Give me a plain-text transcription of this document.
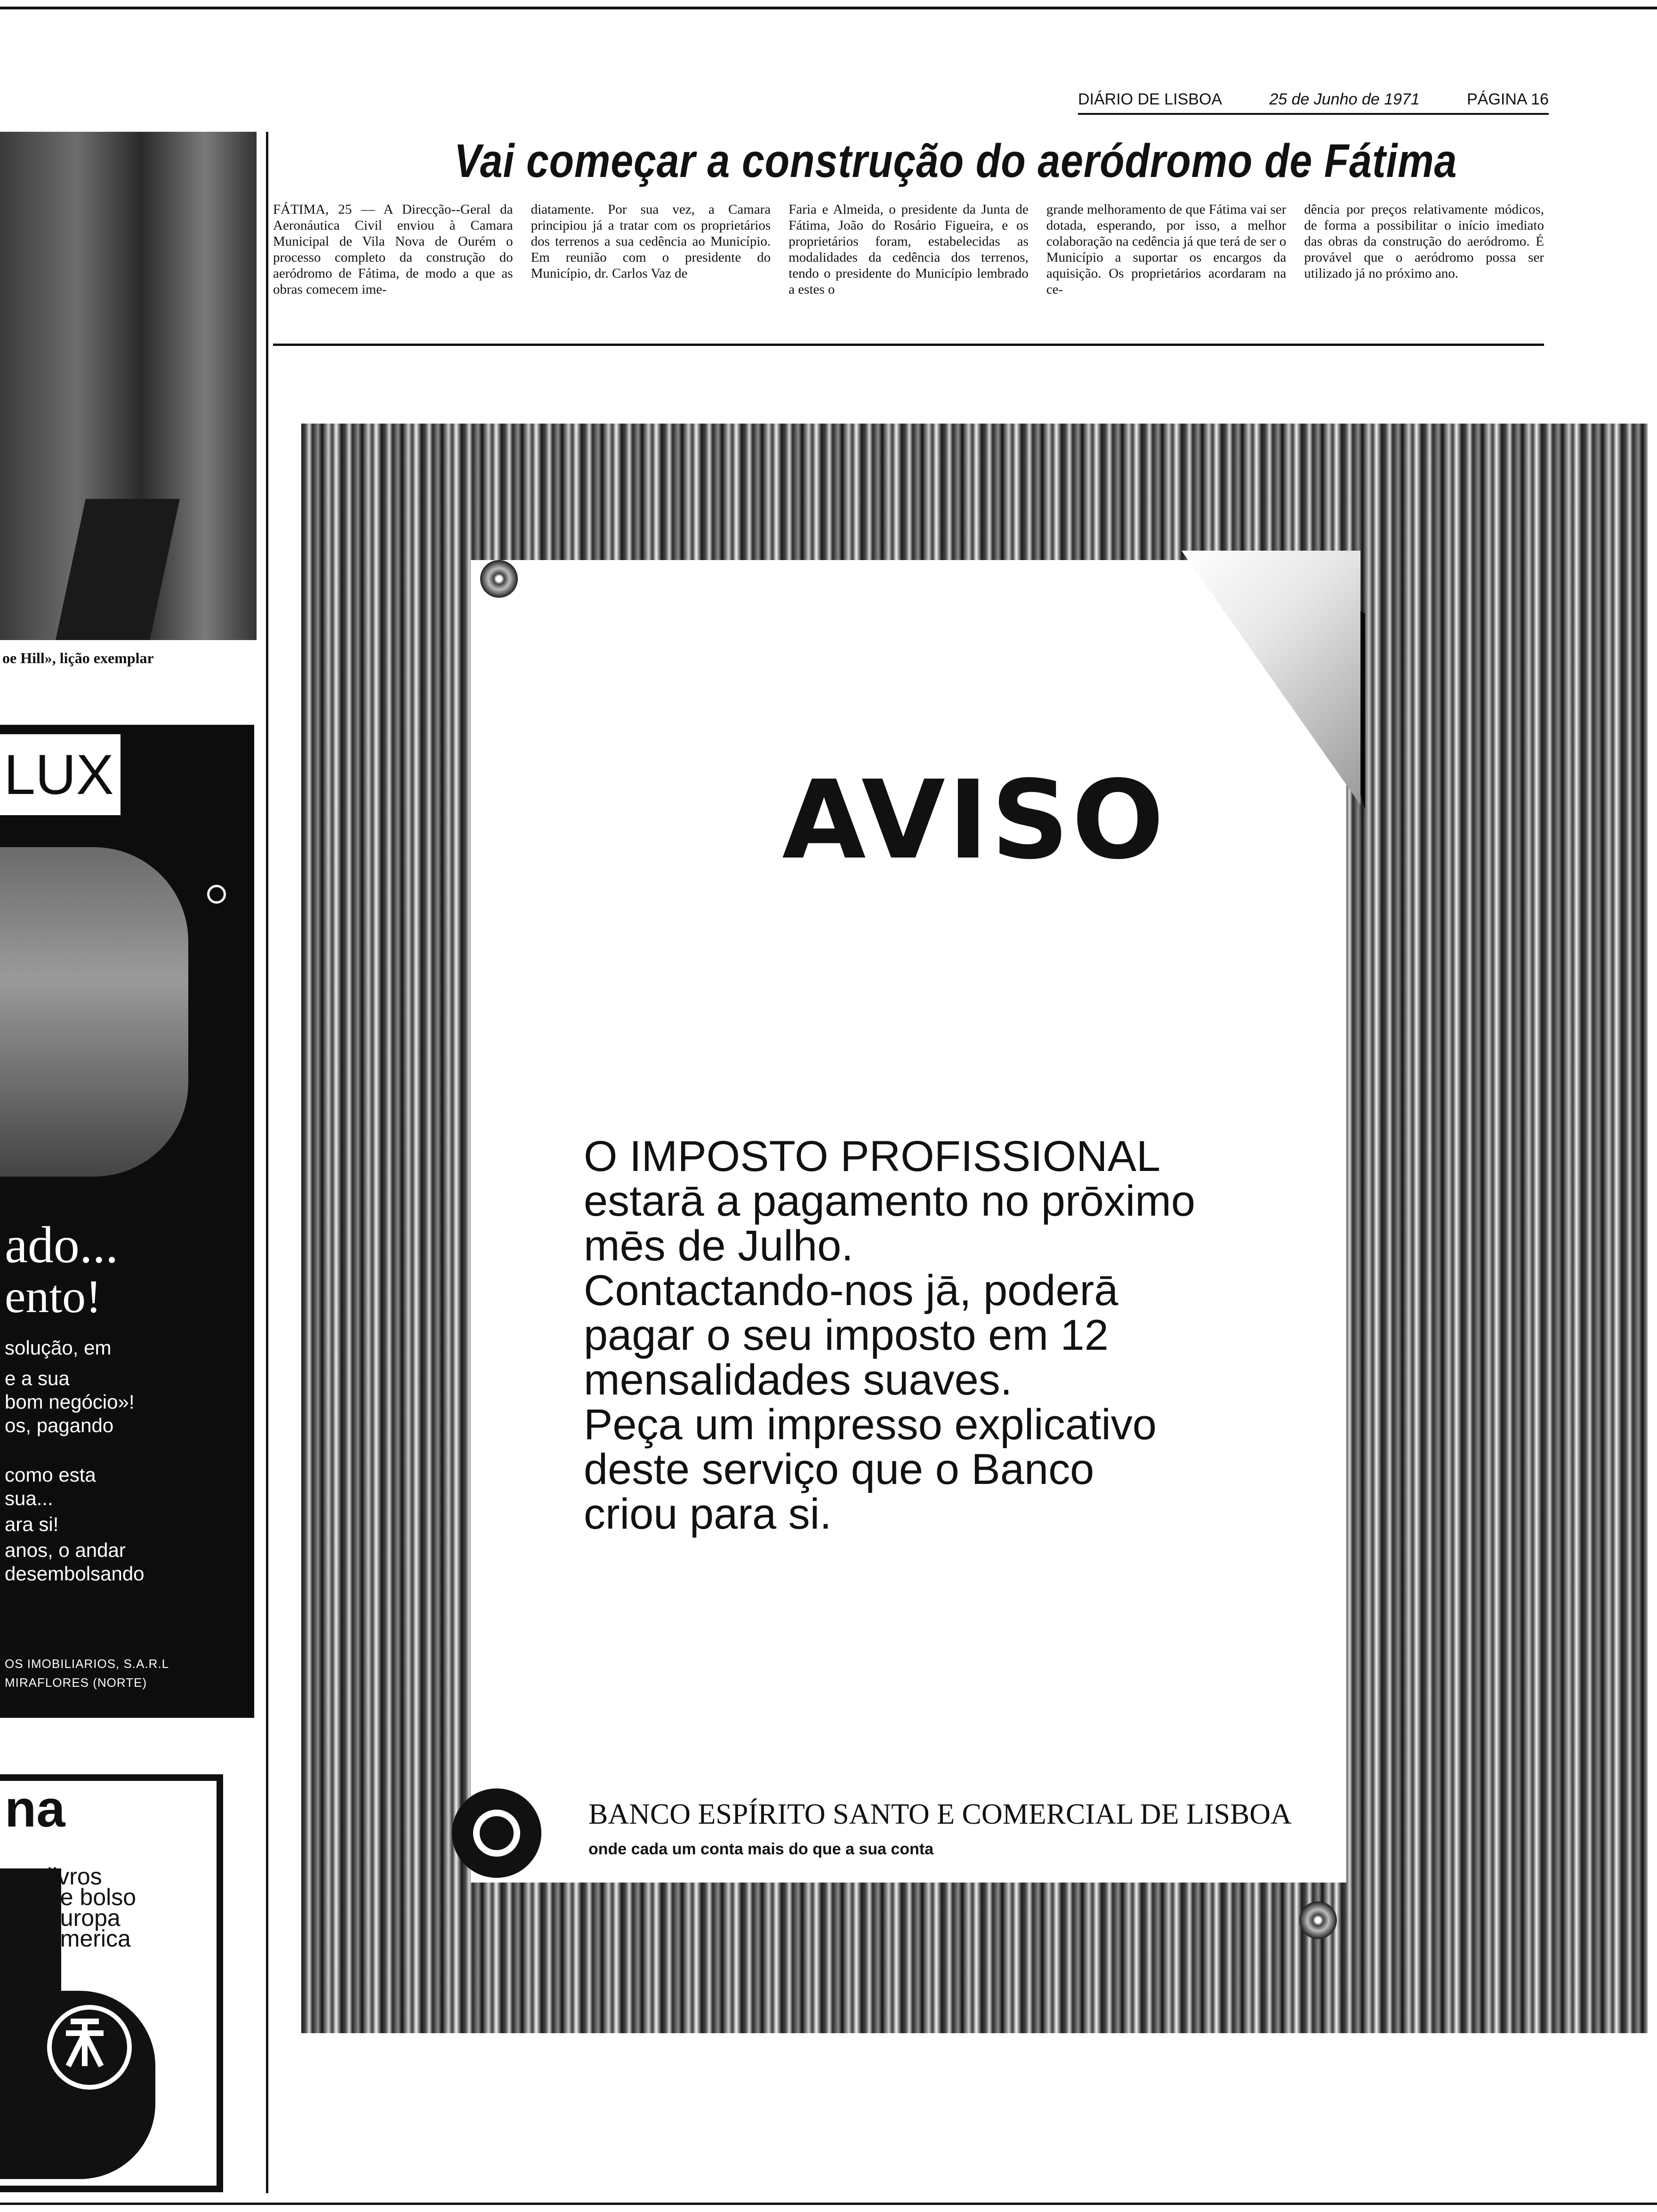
DIÁRIO DE LISBOA	25 de Junho de 1971	PÁGINA 16
Vai começar a construção do aeródromo de Fátima
FÁTIMA, 25 — A Direcção--Geral da Aeronáutica Civil enviou à Camara Municipal de Vila Nova de Ourém o processo completo da construção do aeródromo de Fátima, de modo a que as obras comecem ime-
diatamente. Por sua vez, a Camara principiou já a tratar com os proprietários dos terrenos a sua cedência ao Município. Em reunião com o presidente do Município, dr. Carlos Vaz de
Faria e Almeida, o presidente da Junta de Fátima, João do Rosário Figueira, e os proprietários foram, estabelecidas as modalidades da cedência dos terrenos, tendo o presidente do Município lembrado a estes o
grande melhoramento de que Fátima vai ser dotada, esperando, por isso, a melhor colaboração na cedência já que terá de ser o Município a suportar os encargos da aquisição. Os proprietários acordaram na ce-
dência por preços relativamente módicos, de forma a possibilitar o início imediato das obras da construção do aeródromo. É provável que o aeródromo possa ser utilizado já no próximo ano.
oe Hill», lição exemplar
LUX
ado...
ento!
solução, em
e a sua
bom negócio»!
os, pagando
como esta
sua...
ara si!
anos, o andar
desembolsando
OS IMOBILIARIOS, S.A.R.L
MIRAFLORES (NORTE)
na
livros
de bolso
europa
america
AVISO
O IMPOSTO PROFISSIONAL
estarā a pagamento no prōximo
mēs de Julho.
Contactando-nos jā, poderā
pagar o seu imposto em 12
mensalidades suaves.
Peça um impresso explicativo
deste serviço que o Banco
criou para si.
BANCO ESPÍRITO SANTO E COMERCIAL DE LISBOA
onde cada um conta mais do que a sua conta
